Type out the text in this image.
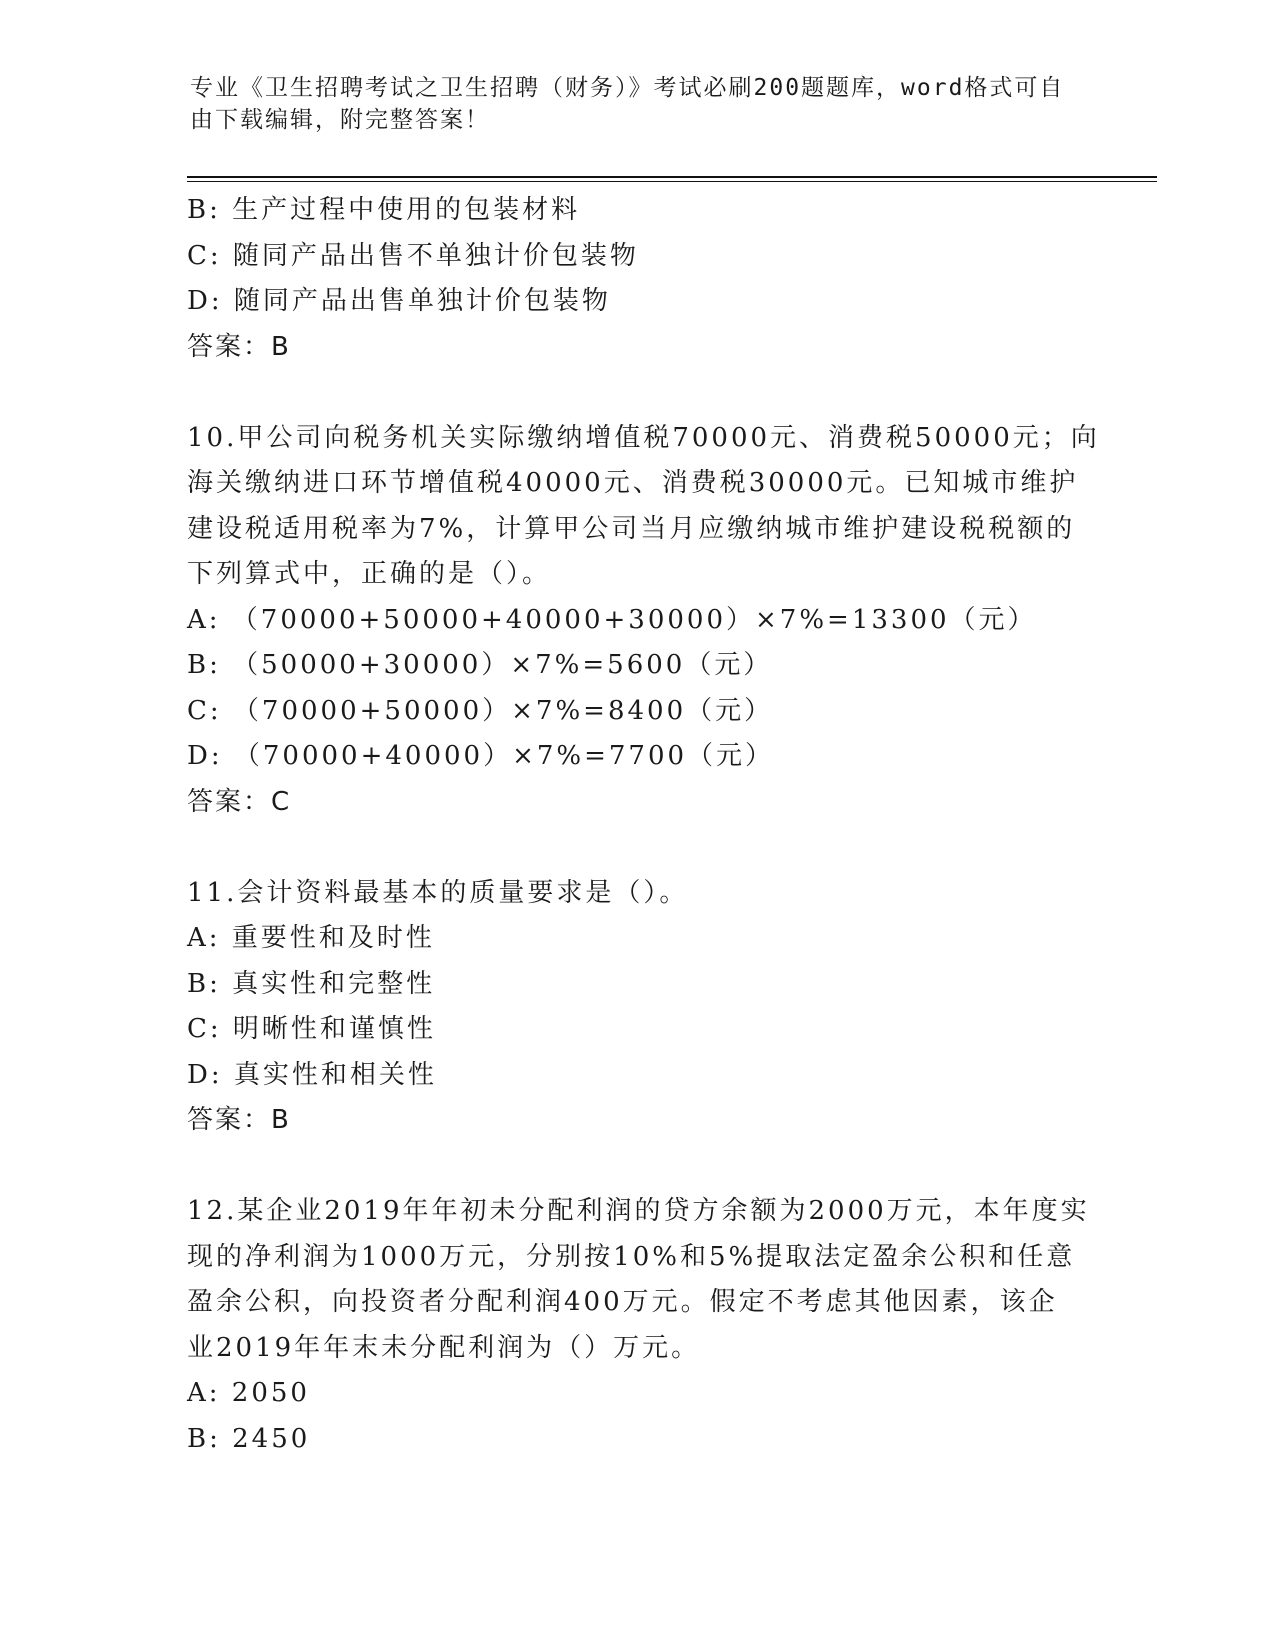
专业《卫生招聘考试之卫生招聘（财务）》考试必刷200题题库，word格式可自
由下载编辑，附完整答案！
B: 生产过程中使用的包装材料
C: 随同产品出售不单独计价包装物
D: 随同产品出售单独计价包装物
答案：B
10.甲公司向税务机关实际缴纳增值税70000元、消费税50000元；向
海关缴纳进口环节增值税40000元、消费税30000元。已知城市维护
建设税适用税率为7%，计算甲公司当月应缴纳城市维护建设税税额的
下列算式中，正确的是（）。
A: （70000+50000+40000+30000）×7%=13300（元）
B: （50000+30000）×7%=5600（元）
C: （70000+50000）×7%=8400（元）
D: （70000+40000）×7%=7700（元）
答案：C
11.会计资料最基本的质量要求是（）。
A: 重要性和及时性
B: 真实性和完整性
C: 明晰性和谨慎性
D: 真实性和相关性
答案：B
12.某企业2019年年初未分配利润的贷方余额为2000万元，本年度实
现的净利润为1000万元，分别按10%和5%提取法定盈余公积和任意
盈余公积，向投资者分配利润400万元。假定不考虑其他因素，该企
业2019年年末未分配利润为（）万元。
A: 2050
B: 2450
